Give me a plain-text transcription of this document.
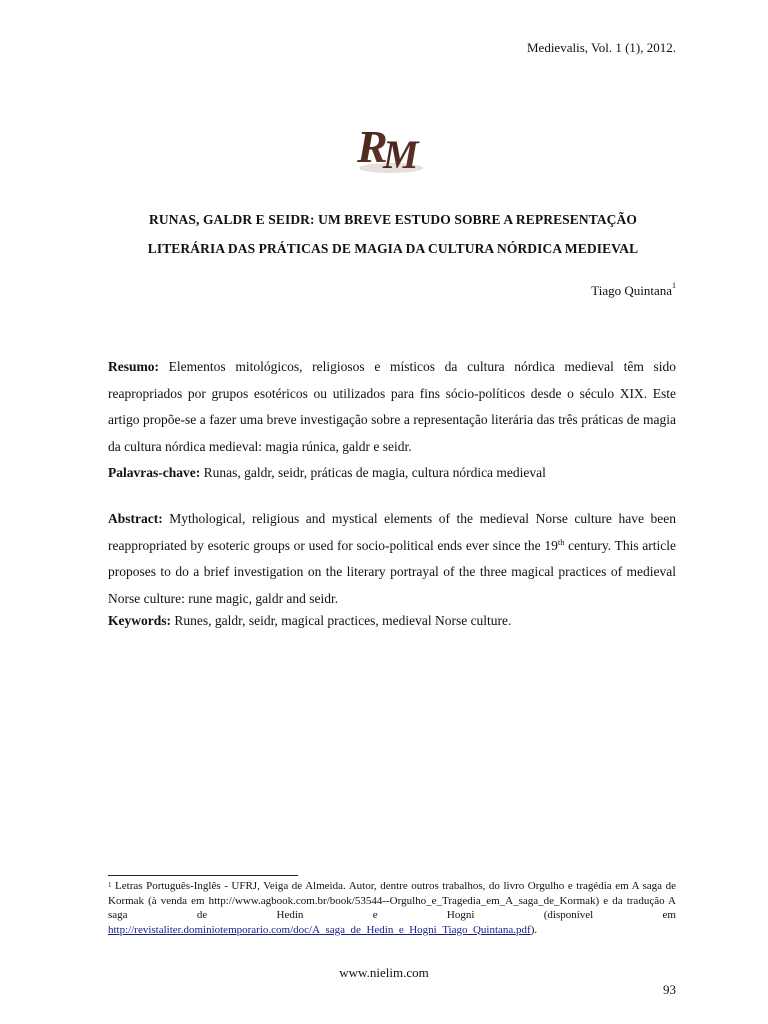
Medievalis, Vol. 1 (1), 2012.
R
M
RUNAS, GALDR E SEIDR: UM BREVE ESTUDO SOBRE A REPRESENTAÇÃO
LITERÁRIA DAS PRÁTICAS DE MAGIA DA CULTURA NÓRDICA MEDIEVAL
Tiago Quintana$^1$
Resumo: Elementos mitológicos, religiosos e místicos da cultura nórdica medieval têm sido reapropriados por grupos esotéricos ou utilizados para fins sócio-políticos desde o século XIX. Este artigo propõe-se a fazer uma breve investigação sobre a representação literária das três práticas de magia da cultura nórdica medieval: magia rúnica, galdr e seidr.
Palavras-chave: Runas, galdr, seidr, práticas de magia, cultura nórdica medieval
Abstract: Mythological, religious and mystical elements of the medieval Norse culture have been reappropriated by esoteric groups or used for socio-political ends ever since the 19th century. This article proposes to do a brief investigation on the literary portrayal of the three magical practices of medieval Norse culture: rune magic, galdr and seidr.
Keywords: Runes, galdr, seidr, magical practices, medieval Norse culture.
$^1$ Letras Português-Inglês - UFRJ, Veiga de Almeida. Autor, dentre outros trabalhos, do livro Orgulho e tragédia em A saga de Kormak (à venda em http://www.agbook.com.br/book/53544--Orgulho_e_Tragedia_em_A_saga_de_Kormak) e da tradução A saga de Hedin e Hogni (disponível em http://revistaliter.dominiotemporario.com/doc/A_saga_de_Hedin_e_Hogni_Tiago_Quintana.pdf).
www.nielim.com
93
